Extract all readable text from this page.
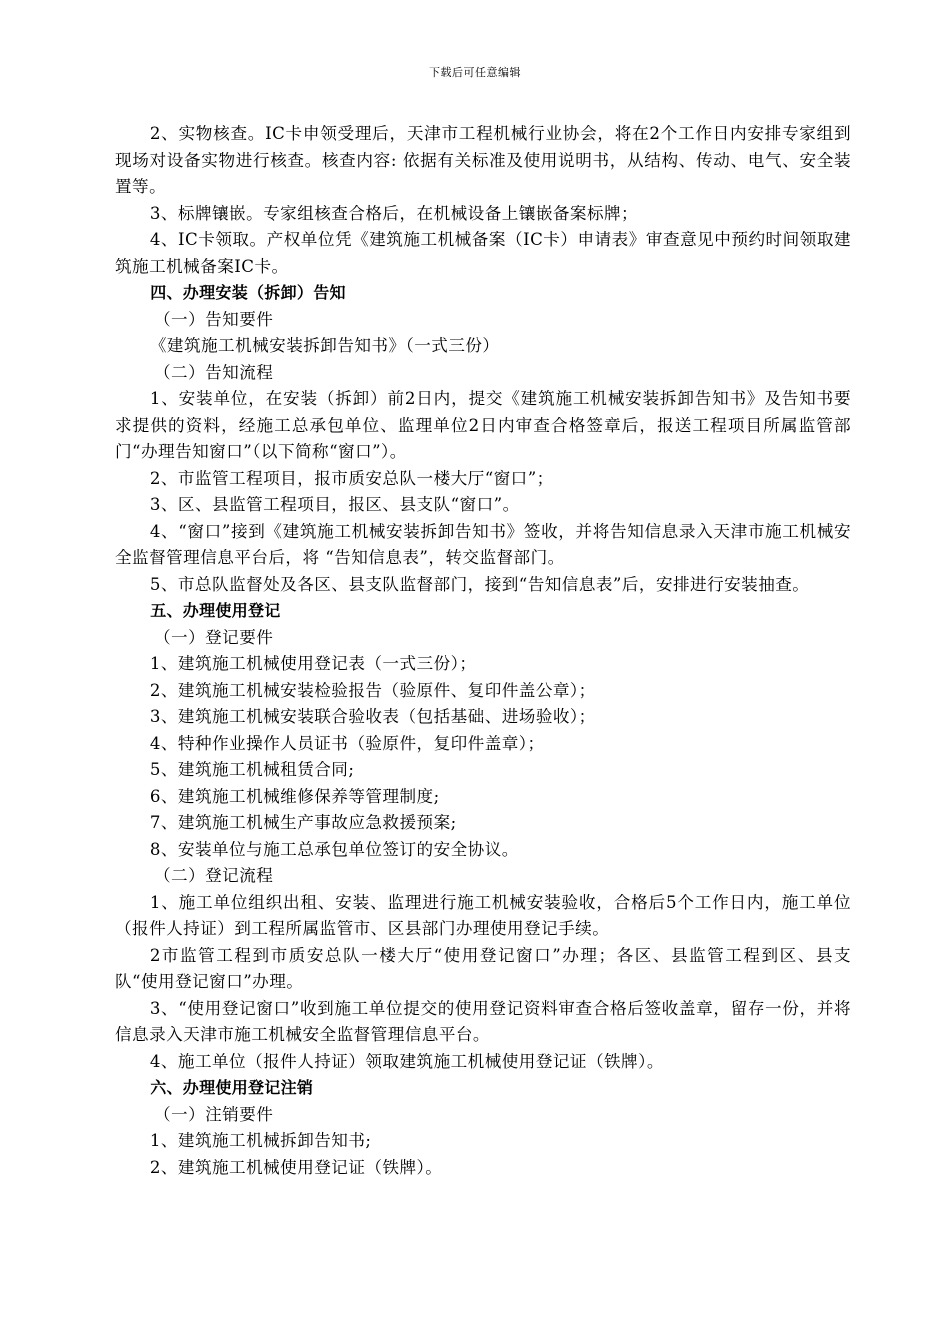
下载后可任意编辑

2、实物核查。IC卡申领受理后，天津市工程机械行业协会，将在2个工作日内安排专家组到现场对设备实物进行核查。核查内容: 依据有关标准及使用说明书，从结构、传动、电气、安全装置等。

3、标牌镶嵌。专家组核查合格后，在机械设备上镶嵌备案标牌；

4、IC卡领取。产权单位凭《建筑施工机械备案（IC卡）申请表》审查意见中预约时间领取建筑施工机械备案IC卡。

四、办理安装（拆卸）告知

（一）告知要件

《建筑施工机械安装拆卸告知书》（一式三份）

（二）告知流程

1、安装单位，在安装（拆卸）前2日内，提交《建筑施工机械安装拆卸告知书》及告知书要求提供的资料，经施工总承包单位、监理单位2日内审查合格签章后，报送工程项目所属监管部门“办理告知窗口”（以下简称“窗口”）。

2、市监管工程项目，报市质安总队一楼大厅“窗口”；

3、区、县监管工程项目，报区、县支队“窗口”。

4、“窗口”接到《建筑施工机械安装拆卸告知书》签收，并将告知信息录入天津市施工机械安全监督管理信息平台后，将 “告知信息表”，转交监督部门。

5、市总队监督处及各区、县支队监督部门，接到“告知信息表”后，安排进行安装抽查。

五、办理使用登记

（一）登记要件

1、建筑施工机械使用登记表（一式三份）；

2、建筑施工机械安装检验报告（验原件、复印件盖公章）；

3、建筑施工机械安装联合验收表（包括基础、进场验收）；

4、特种作业操作人员证书（验原件，复印件盖章）；

5、建筑施工机械租赁合同;

6、建筑施工机械维修保养等管理制度;

7、建筑施工机械生产事故应急救援预案;

8、安装单位与施工总承包单位签订的安全协议。

（二）登记流程

1、施工单位组织出租、安装、监理进行施工机械安装验收，合格后5个工作日内，施工单位（报件人持证）到工程所属监管市、区县部门办理使用登记手续。

2市监管工程到市质安总队一楼大厅“使用登记窗口”办理；各区、县监管工程到区、县支队“使用登记窗口”办理。

3、“使用登记窗口”收到施工单位提交的使用登记资料审查合格后签收盖章，留存一份，并将信息录入天津市施工机械安全监督管理信息平台。

4、施工单位（报件人持证）领取建筑施工机械使用登记证（铁牌）。

六、办理使用登记注销

（一）注销要件

1、建筑施工机械拆卸告知书;

2、建筑施工机械使用登记证（铁牌）。
